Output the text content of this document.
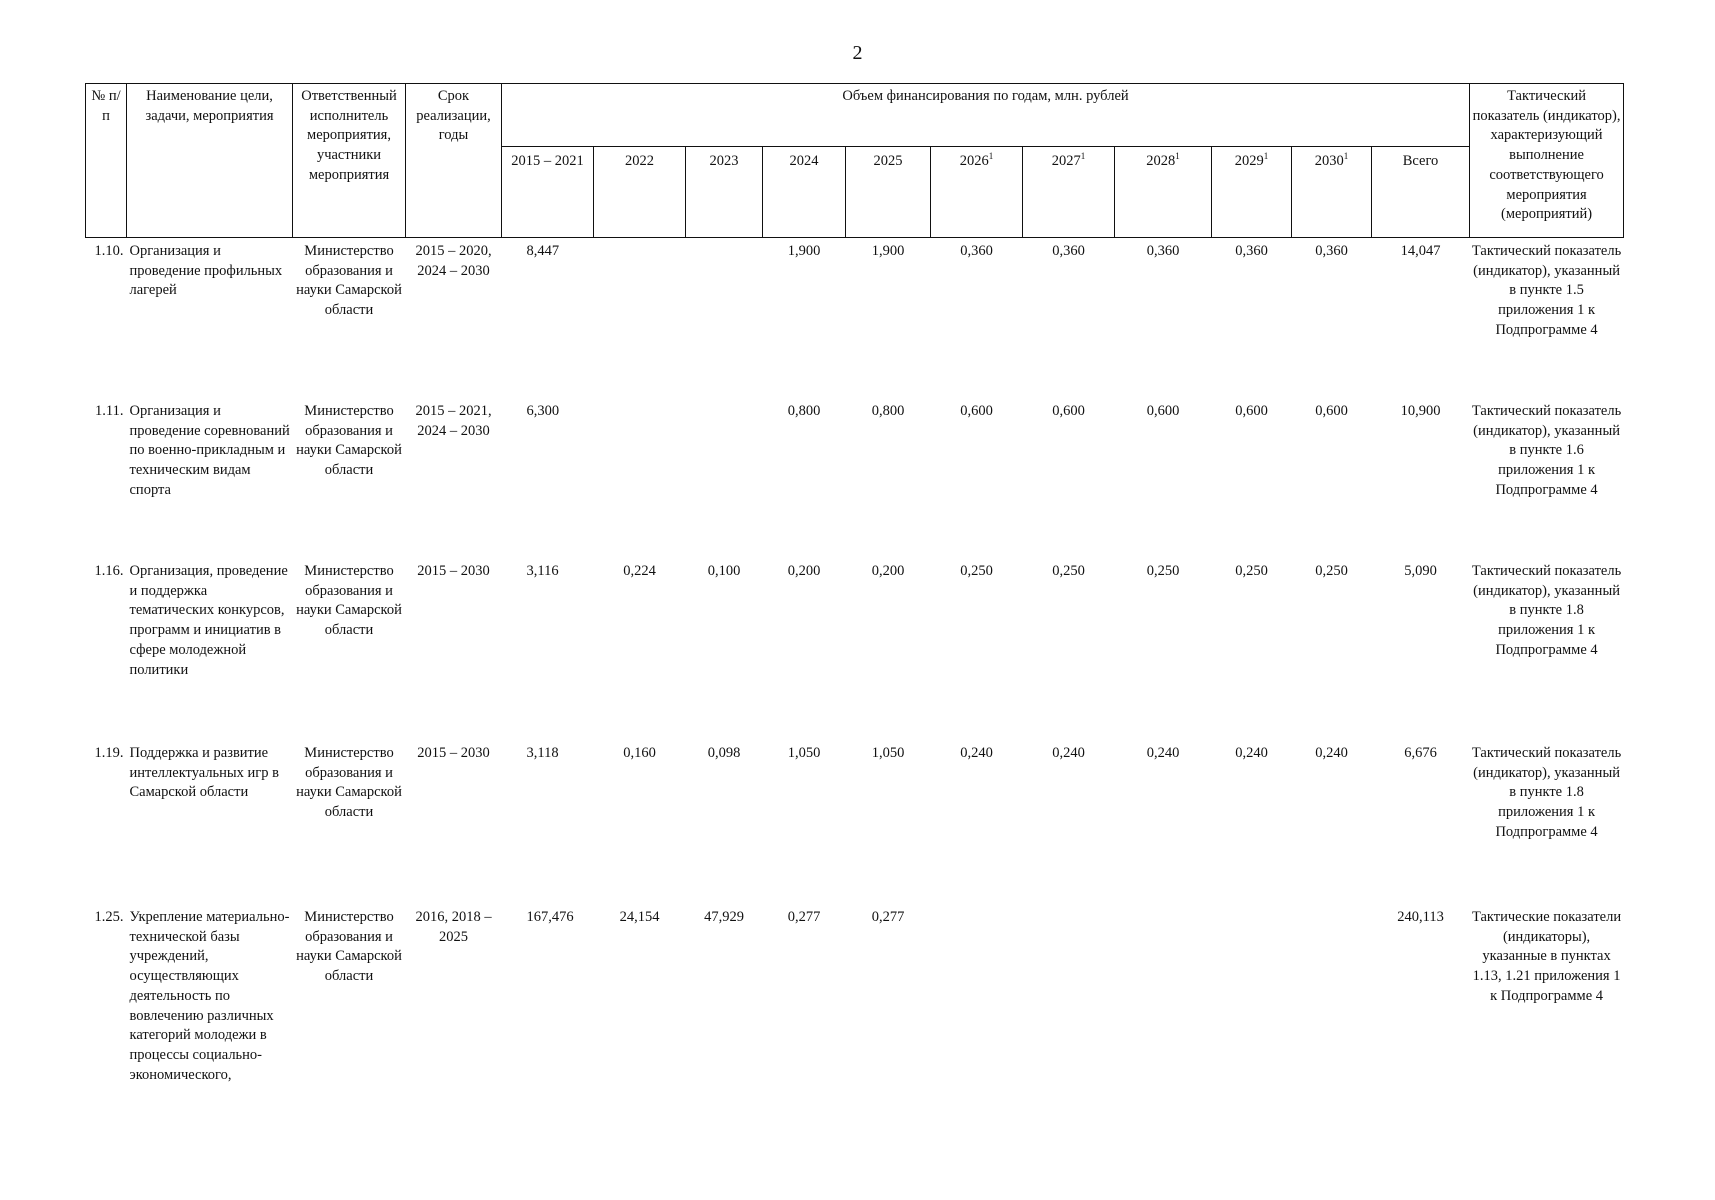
2
№ п/п	Наименование цели, задачи, мероприятия	Ответственный исполнитель мероприятия, участники мероприятия	Срок реализации, годы	Объем финансирования по годам, млн. рублей											Тактический показатель (индикатор), характеризующий выполнение соответствующего мероприятия (мероприятий)
				2015 – 2021	2022	2023	2024	2025	2026$^1$	2027$^1$	2028$^1$	2029$^1$	2030$^1$	Всего	
1.10.	Организация и проведение профильных лагерей	Министерство образования и науки Самарской области	2015 – 2020, 2024 – 2030	8,447			1,900	1,900	0,360	0,360	0,360	0,360	0,360	14,047	Тактический показатель (индикатор), указанный в пункте 1.5 приложения 1 к Подпрограмме 4
1.11.	Организация и проведение соревнований по военно-прикладным и техническим видам спорта	Министерство образования и науки Самарской области	2015 – 2021, 2024 – 2030	6,300			0,800	0,800	0,600	0,600	0,600	0,600	0,600	10,900	Тактический показатель (индикатор), указанный в пункте 1.6 приложения 1 к Подпрограмме 4
1.16.	Организация, проведение и поддержка тематических конкурсов, программ и инициатив в сфере молодежной политики	Министерство образования и науки Самарской области	2015 – 2030	3,116	0,224	0,100	0,200	0,200	0,250	0,250	0,250	0,250	0,250	5,090	Тактический показатель (индикатор), указанный в пункте 1.8 приложения 1 к Подпрограмме 4
1.19.	Поддержка и развитие интеллектуальных игр в Самарской области	Министерство образования и науки Самарской области	2015 – 2030	3,118	0,160	0,098	1,050	1,050	0,240	0,240	0,240	0,240	0,240	6,676	Тактический показатель (индикатор), указанный в пункте 1.8 приложения 1 к Подпрограмме 4
1.25.	Укрепление материально-технической базы учреждений, осуществляющих деятельность по вовлечению различных категорий молодежи в процессы социально-экономического,	Министерство образования и науки Самарской области	2016, 2018 – 2025	167,476	24,154	47,929	0,277	0,277						240,113	Тактические показатели (индикаторы), указанные в пунктах 1.13, 1.21 приложения 1 к Подпрограмме 4
